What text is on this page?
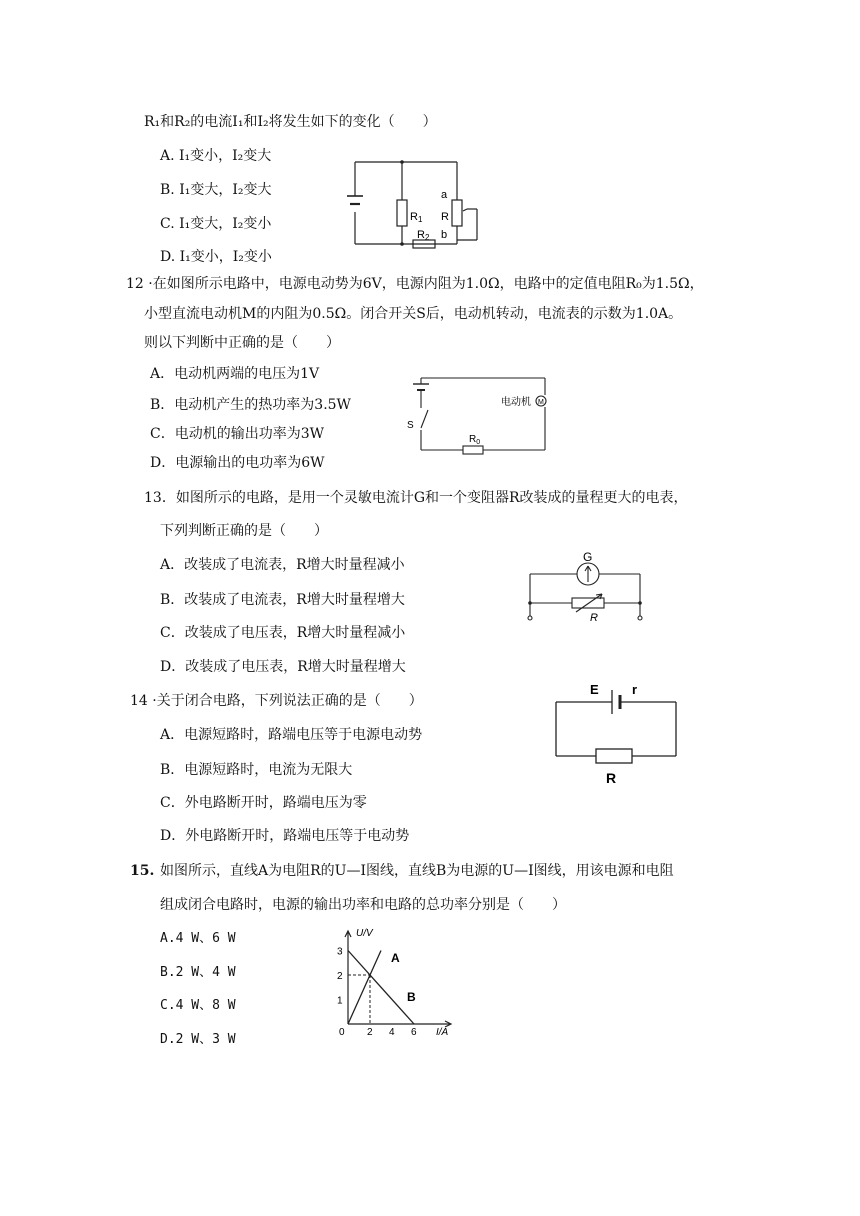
R₁和R₂的电流I₁和I₂将发生如下的变化（　　）
A. I₁变小，I₂变大
B. I₁变大，I₂变大
C. I₁变大，I₂变小
D. I₁变小，I₂变小
a
R
b
R1
R2
12 ·在如图所示电路中，电源电动势为6V，电源内阻为1.0Ω，电路中的定值电阻R₀为1.5Ω，
小型直流电动机M的内阻为0.5Ω。闭合开关S后，电动机转动，电流表的示数为1.0A。
则以下判断中正确的是（　　）
A．电动机两端的电压为1V
B．电动机产生的热功率为3.5W
C．电动机的输出功率为3W
D．电源输出的电功率为6W
M
电动机
S
$R_0$
13．如图所示的电路，是用一个灵敏电流计G和一个变阻器R改装成的量程更大的电表，
下列判断正确的是（　　）
A．改装成了电流表，R增大时量程减小
B．改装成了电流表，R增大时量程增大
C．改装成了电压表，R增大时量程减小
D．改装成了电压表，R增大时量程增大
G
R
14 ·关于闭合电路，下列说法正确的是（　　）
A．电源短路时，路端电压等于电源电动势
B．电源短路时，电流为无限大
C．外电路断开时，路端电压为零
D．外电路断开时，路端电压等于电动势
E	r
R
15. 如图所示，直线A为电阻R的U—I图线，直线B为电源的U—I图线，用该电源和电阻
组成闭合电路时，电源的输出功率和电路的总功率分别是（　　）
A.4 W、6 W
B.2 W、4 W
C.4 W、8 W
D.2 W、3 W	0
U/V
I/A
2 4 6
1
2
3	A
B
